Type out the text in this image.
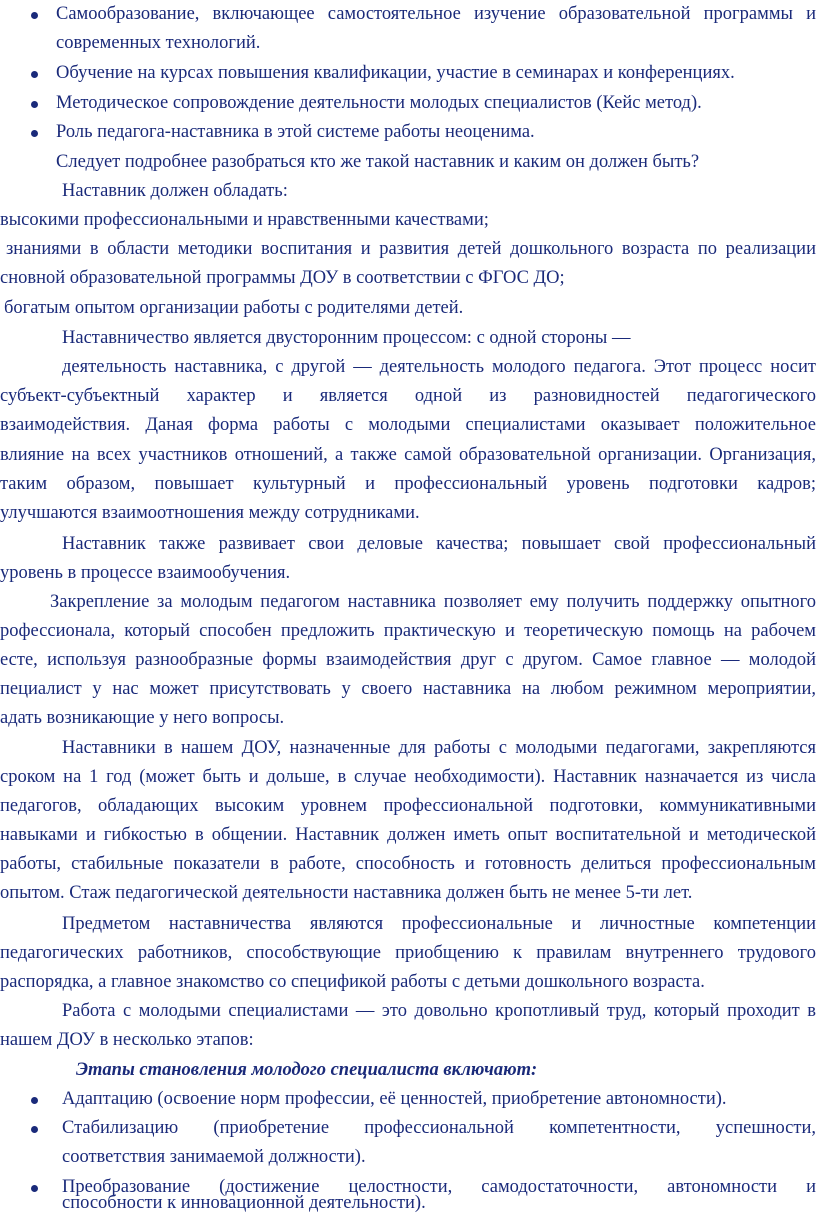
Самообразование, включающее самостоятельное изучение образовательной программы и
современных технологий.
Обучение на курсах повышения квалификации, участие в семинарах и конференциях.
Методическое сопровождение деятельности молодых специалистов (Кейс метод).
Роль педагога-наставника в этой системе работы неоценима.
Следует подробнее разобраться кто же такой наставник и каким он должен быть?
Наставник должен обладать:
высокими профессиональными и нравственными качествами;
знаниями в области методики воспитания и развития детей дошкольного возраста по реализации
сновной образовательной программы ДОУ в соответствии с ФГОС ДО;
богатым опытом организации работы с родителями детей.
Наставничество является двусторонним процессом: с одной стороны —
деятельность наставника, с другой — деятельность молодого педагога. Этот процесс носит
субъект-субъектный характер и является одной из разновидностей педагогического
взаимодействия. Даная форма работы с молодыми специалистами оказывает положительное
влияние на всех участников отношений, а также самой образовательной организации. Организация,
таким образом, повышает культурный и профессиональный уровень подготовки кадров;
улучшаются взаимоотношения между сотрудниками.
Наставник также развивает свои деловые качества; повышает свой профессиональный
уровень в процессе взаимообучения.
Закрепление за молодым педагогом наставника позволяет ему получить поддержку опытного
рофессионала, который способен предложить практическую и теоретическую помощь на рабочем
есте, используя разнообразные формы взаимодействия друг с другом. Самое главное — молодой
пециалист у нас может присутствовать у своего наставника на любом режимном мероприятии,
адать возникающие у него вопросы.
Наставники в нашем ДОУ, назначенные для работы с молодыми педагогами, закрепляются
сроком на 1 год (может быть и дольше, в случае необходимости). Наставник назначается из числа
педагогов, обладающих высоким уровнем профессиональной подготовки, коммуникативными
навыками и гибкостью в общении. Наставник должен иметь опыт воспитательной и методической
работы, стабильные показатели в работе, способность и готовность делиться профессиональным
опытом. Стаж педагогической деятельности наставника должен быть не менее 5-ти лет.
Предметом наставничества являются профессиональные и личностные компетенции
педагогических работников, способствующие приобщению к правилам внутреннего трудового
распорядка, а главное знакомство со спецификой работы с детьми дошкольного возраста.
Работа с молодыми специалистами — это довольно кропотливый труд, который проходит в
нашем ДОУ в несколько этапов:
Этапы становления молодого специалиста включают:
Адаптацию (освоение норм профессии, её ценностей, приобретение автономности).
Стабилизацию (приобретение профессиональной компетентности, успешности,
соответствия занимаемой должности).
Преобразование (достижение целостности, самодостаточности, автономности и
способности к инновационной деятельности).
